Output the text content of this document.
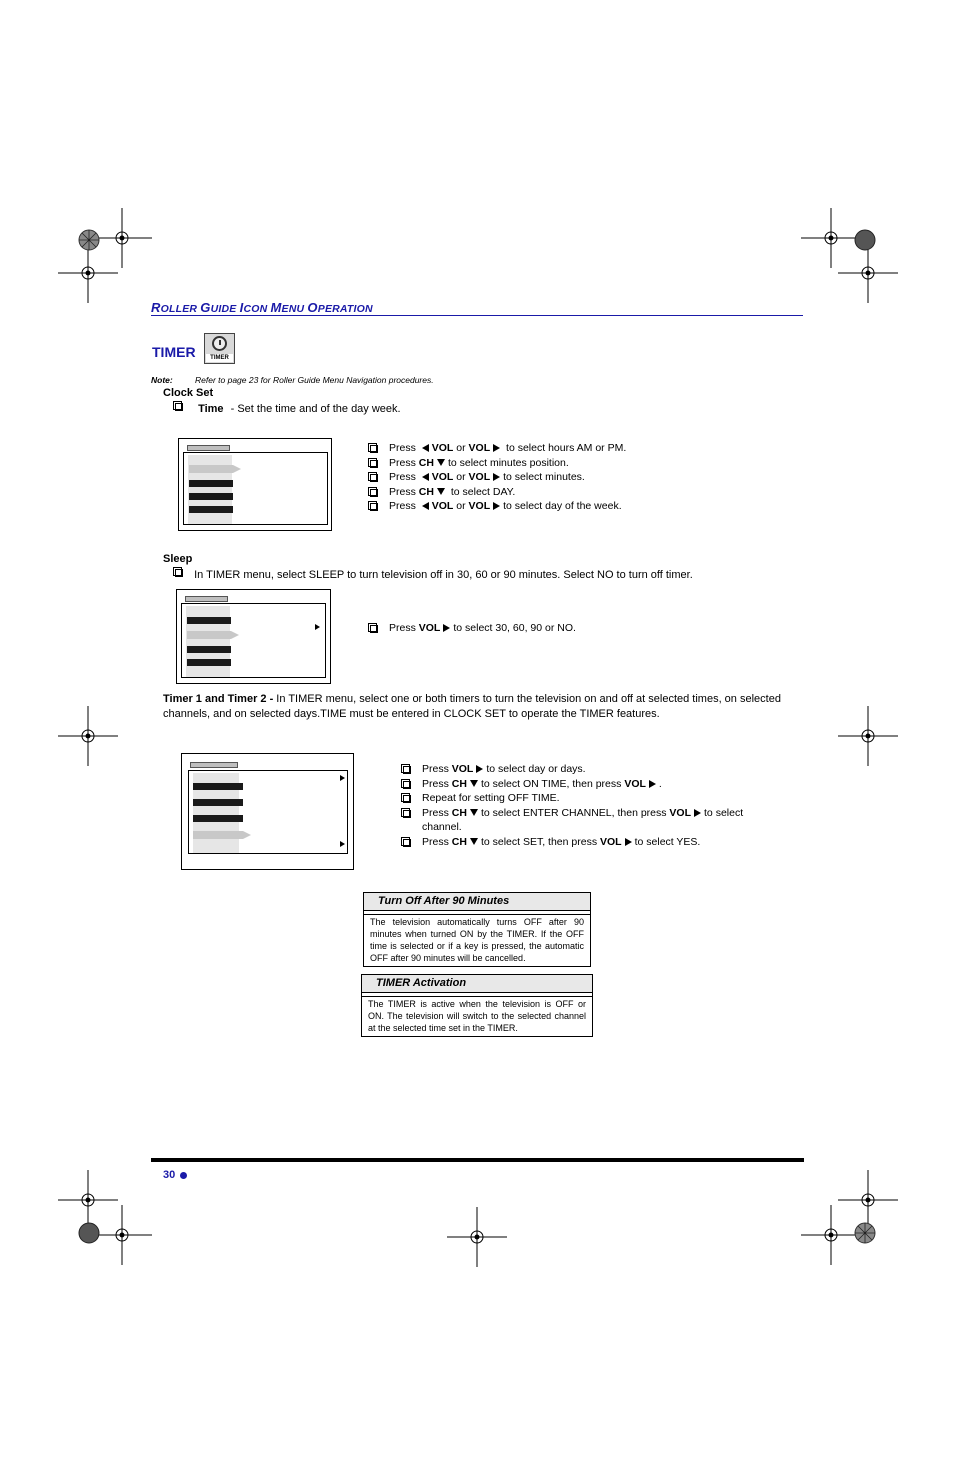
ROLLER GUIDE ICON MENU OPERATION
TIMER	TIMER
Note:	Refer to page 23 for Roller Guide Menu Navigation procedures.
Clock Set
Time - Set the time and of the day week.
Press VOL or VOL to select hours AM or PM.
Press CH to select minutes position.
Press VOL or VOL to select minutes.
Press CH to select DAY.
Press VOL or VOL to select day of the week.
Sleep
In TIMER menu, select SLEEP to turn television off in 30, 60 or 90 minutes. Select NO to turn off timer.
Press VOL to select 30, 60, 90 or NO.
Timer 1 and Timer 2 - In TIMER menu, select one or both timers to turn the television on and off at selected times, on selected channels, and on selected days.TIME must be entered in CLOCK SET to operate the TIMER features.
Press VOL to select day or days.
Press CH to select ON TIME, then press VOL .
Repeat for setting OFF TIME.
Press CH to select ENTER CHANNEL, then press VOL to select channel.
Press CH to select SET, then press VOL to select YES.
Turn Off After 90 Minutes
The television automatically turns OFF after 90 minutes when turned ON by the TIMER. If the OFF time is selected or if a key is pressed, the automatic OFF after 90 minutes will be cancelled.
TIMER Activation
The TIMER is active when the television is OFF or ON. The television will switch to the selected channel at the selected time set in the TIMER.
30
